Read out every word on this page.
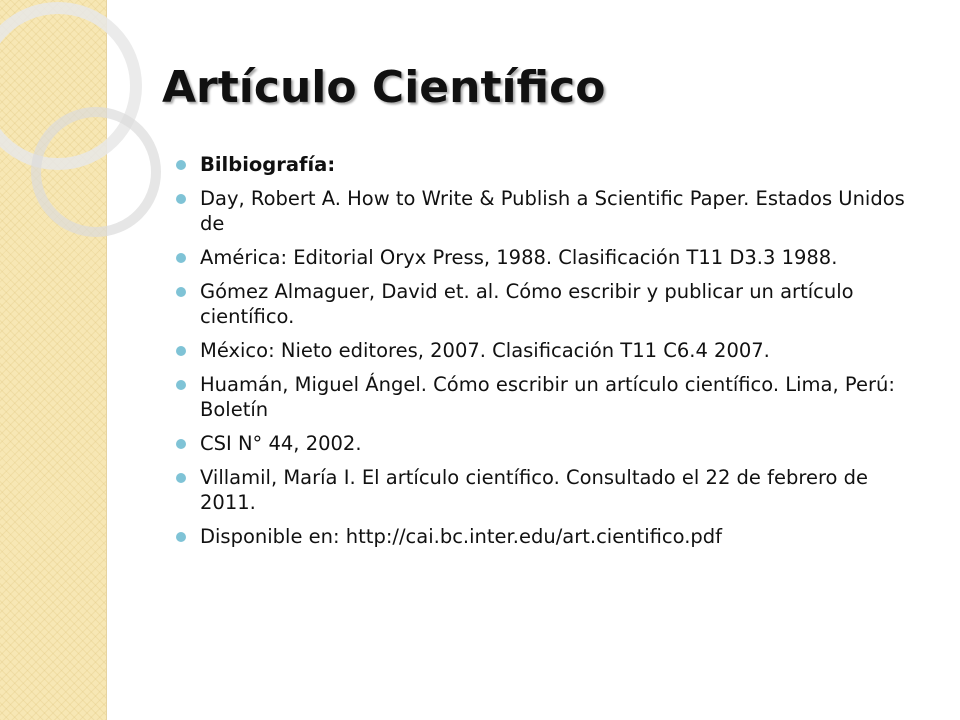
Artículo Científico
Bilbiografía:
Day, Robert A. How to Write & Publish a Scientific Paper. Estados Unidos de
América: Editorial Oryx Press, 1988. Clasificación T11 D3.3 1988.
Gómez Almaguer, David et. al. Cómo escribir y publicar un artículo científico.
México: Nieto editores, 2007. Clasificación T11 C6.4 2007.
Huamán, Miguel Ángel. Cómo escribir un artículo científico. Lima, Perú: Boletín
CSI N° 44, 2002.
Villamil, María I. El artículo científico. Consultado el 22 de febrero de 2011.
Disponible en: http://cai.bc.inter.edu/art.cientifico.pdf
